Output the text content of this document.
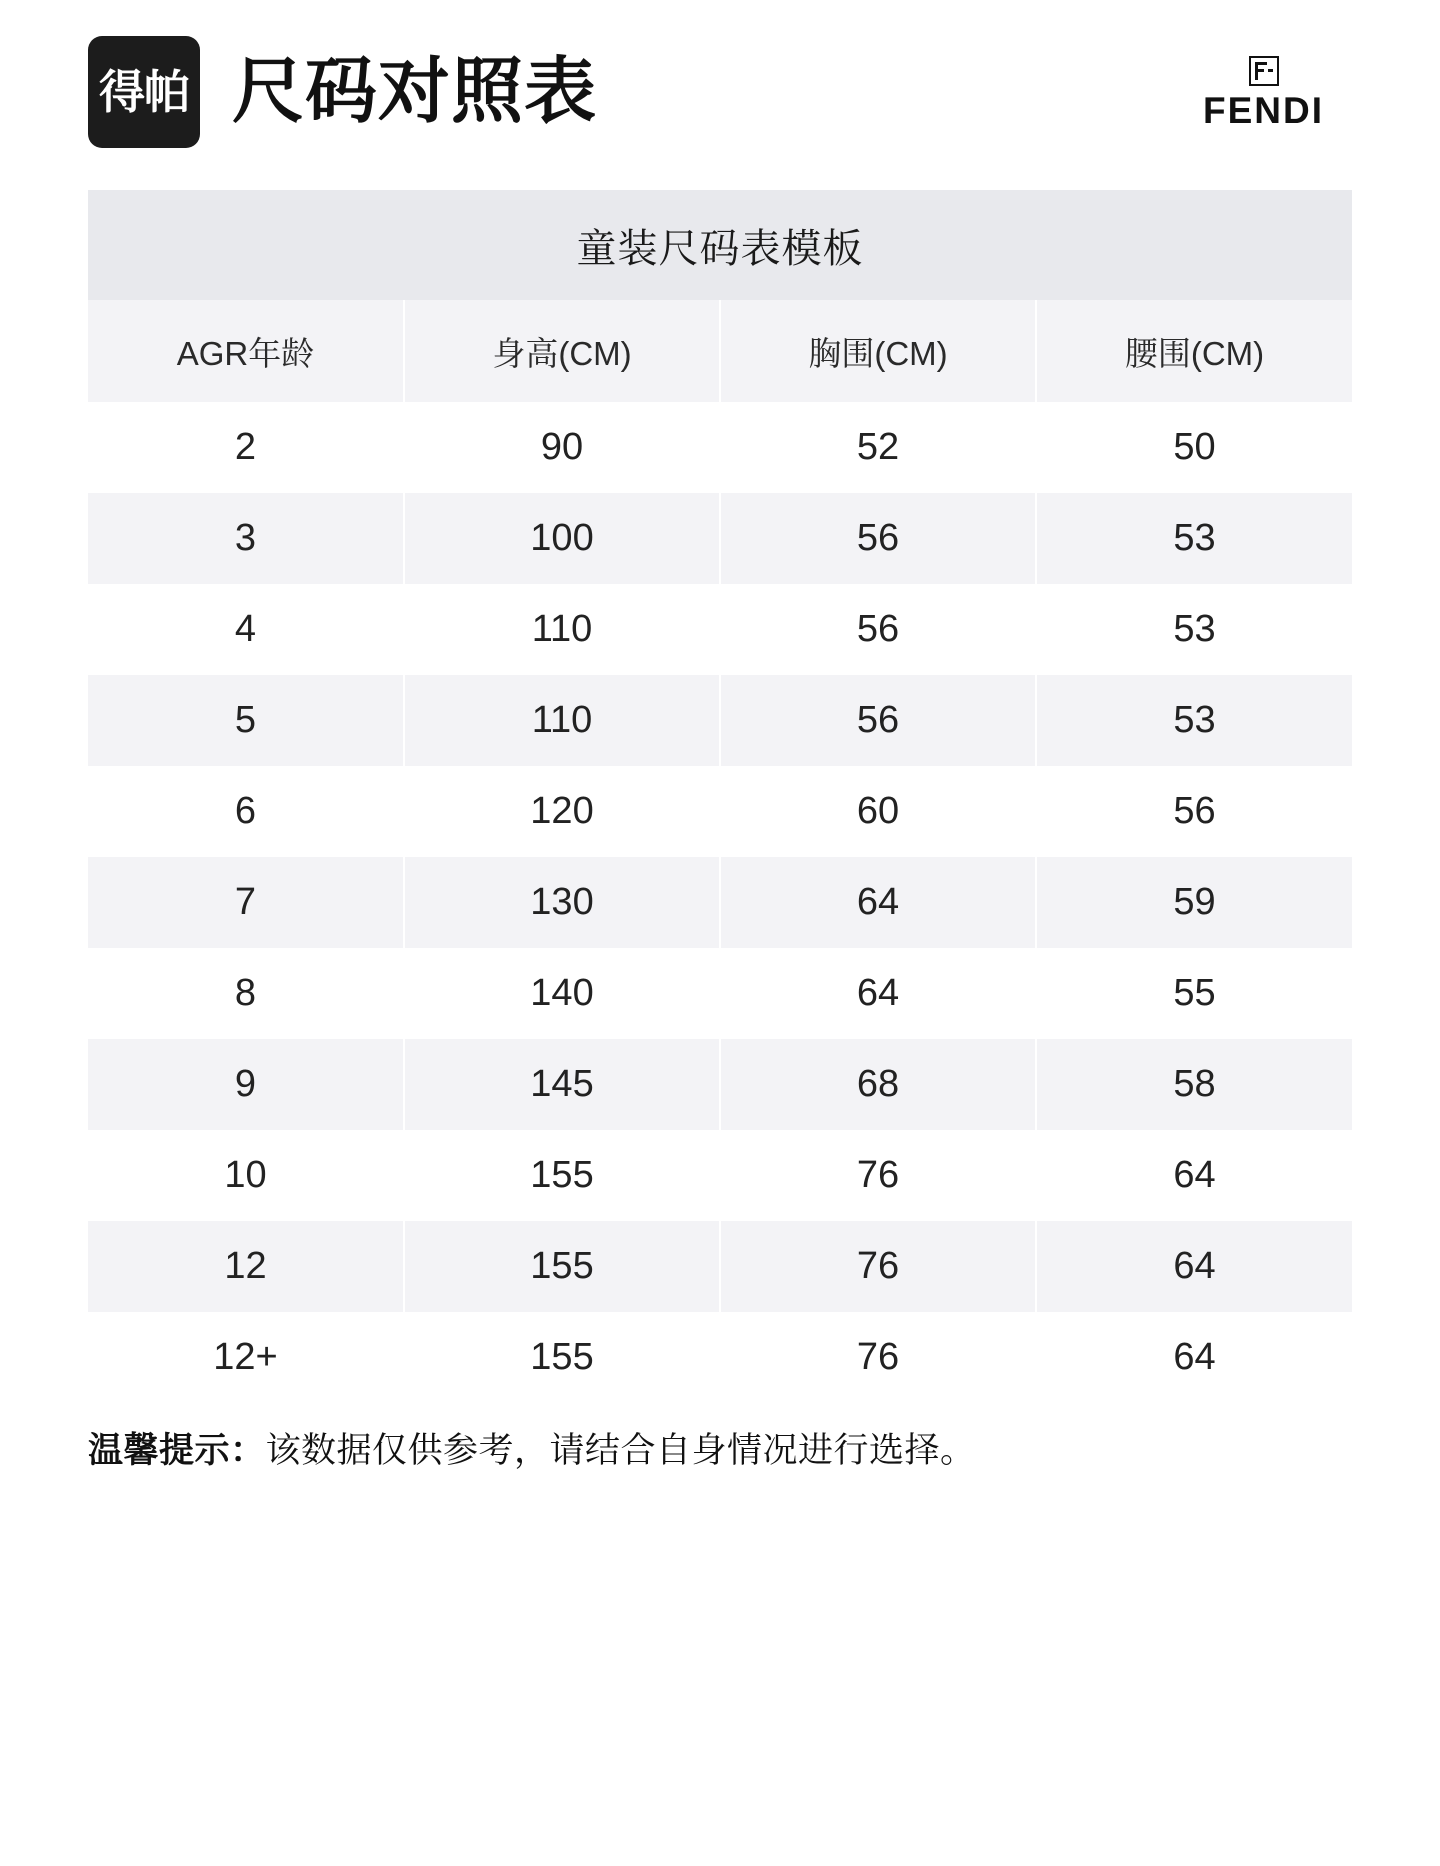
得帕 尺码对照表	FENDI
童装尺码表模板
AGR年龄	身高(CM)	胸围(CM)	腰围(CM)
2	90	52	50
3	100	56	53
4	110	56	53
5	110	56	53
6	120	60	56
7	130	64	59
8	140	64	55
9	145	68	58
10	155	76	64
12	155	76	64
12+	155	76	64
温馨提示：该数据仅供参考，请结合自身情况进行选择。
